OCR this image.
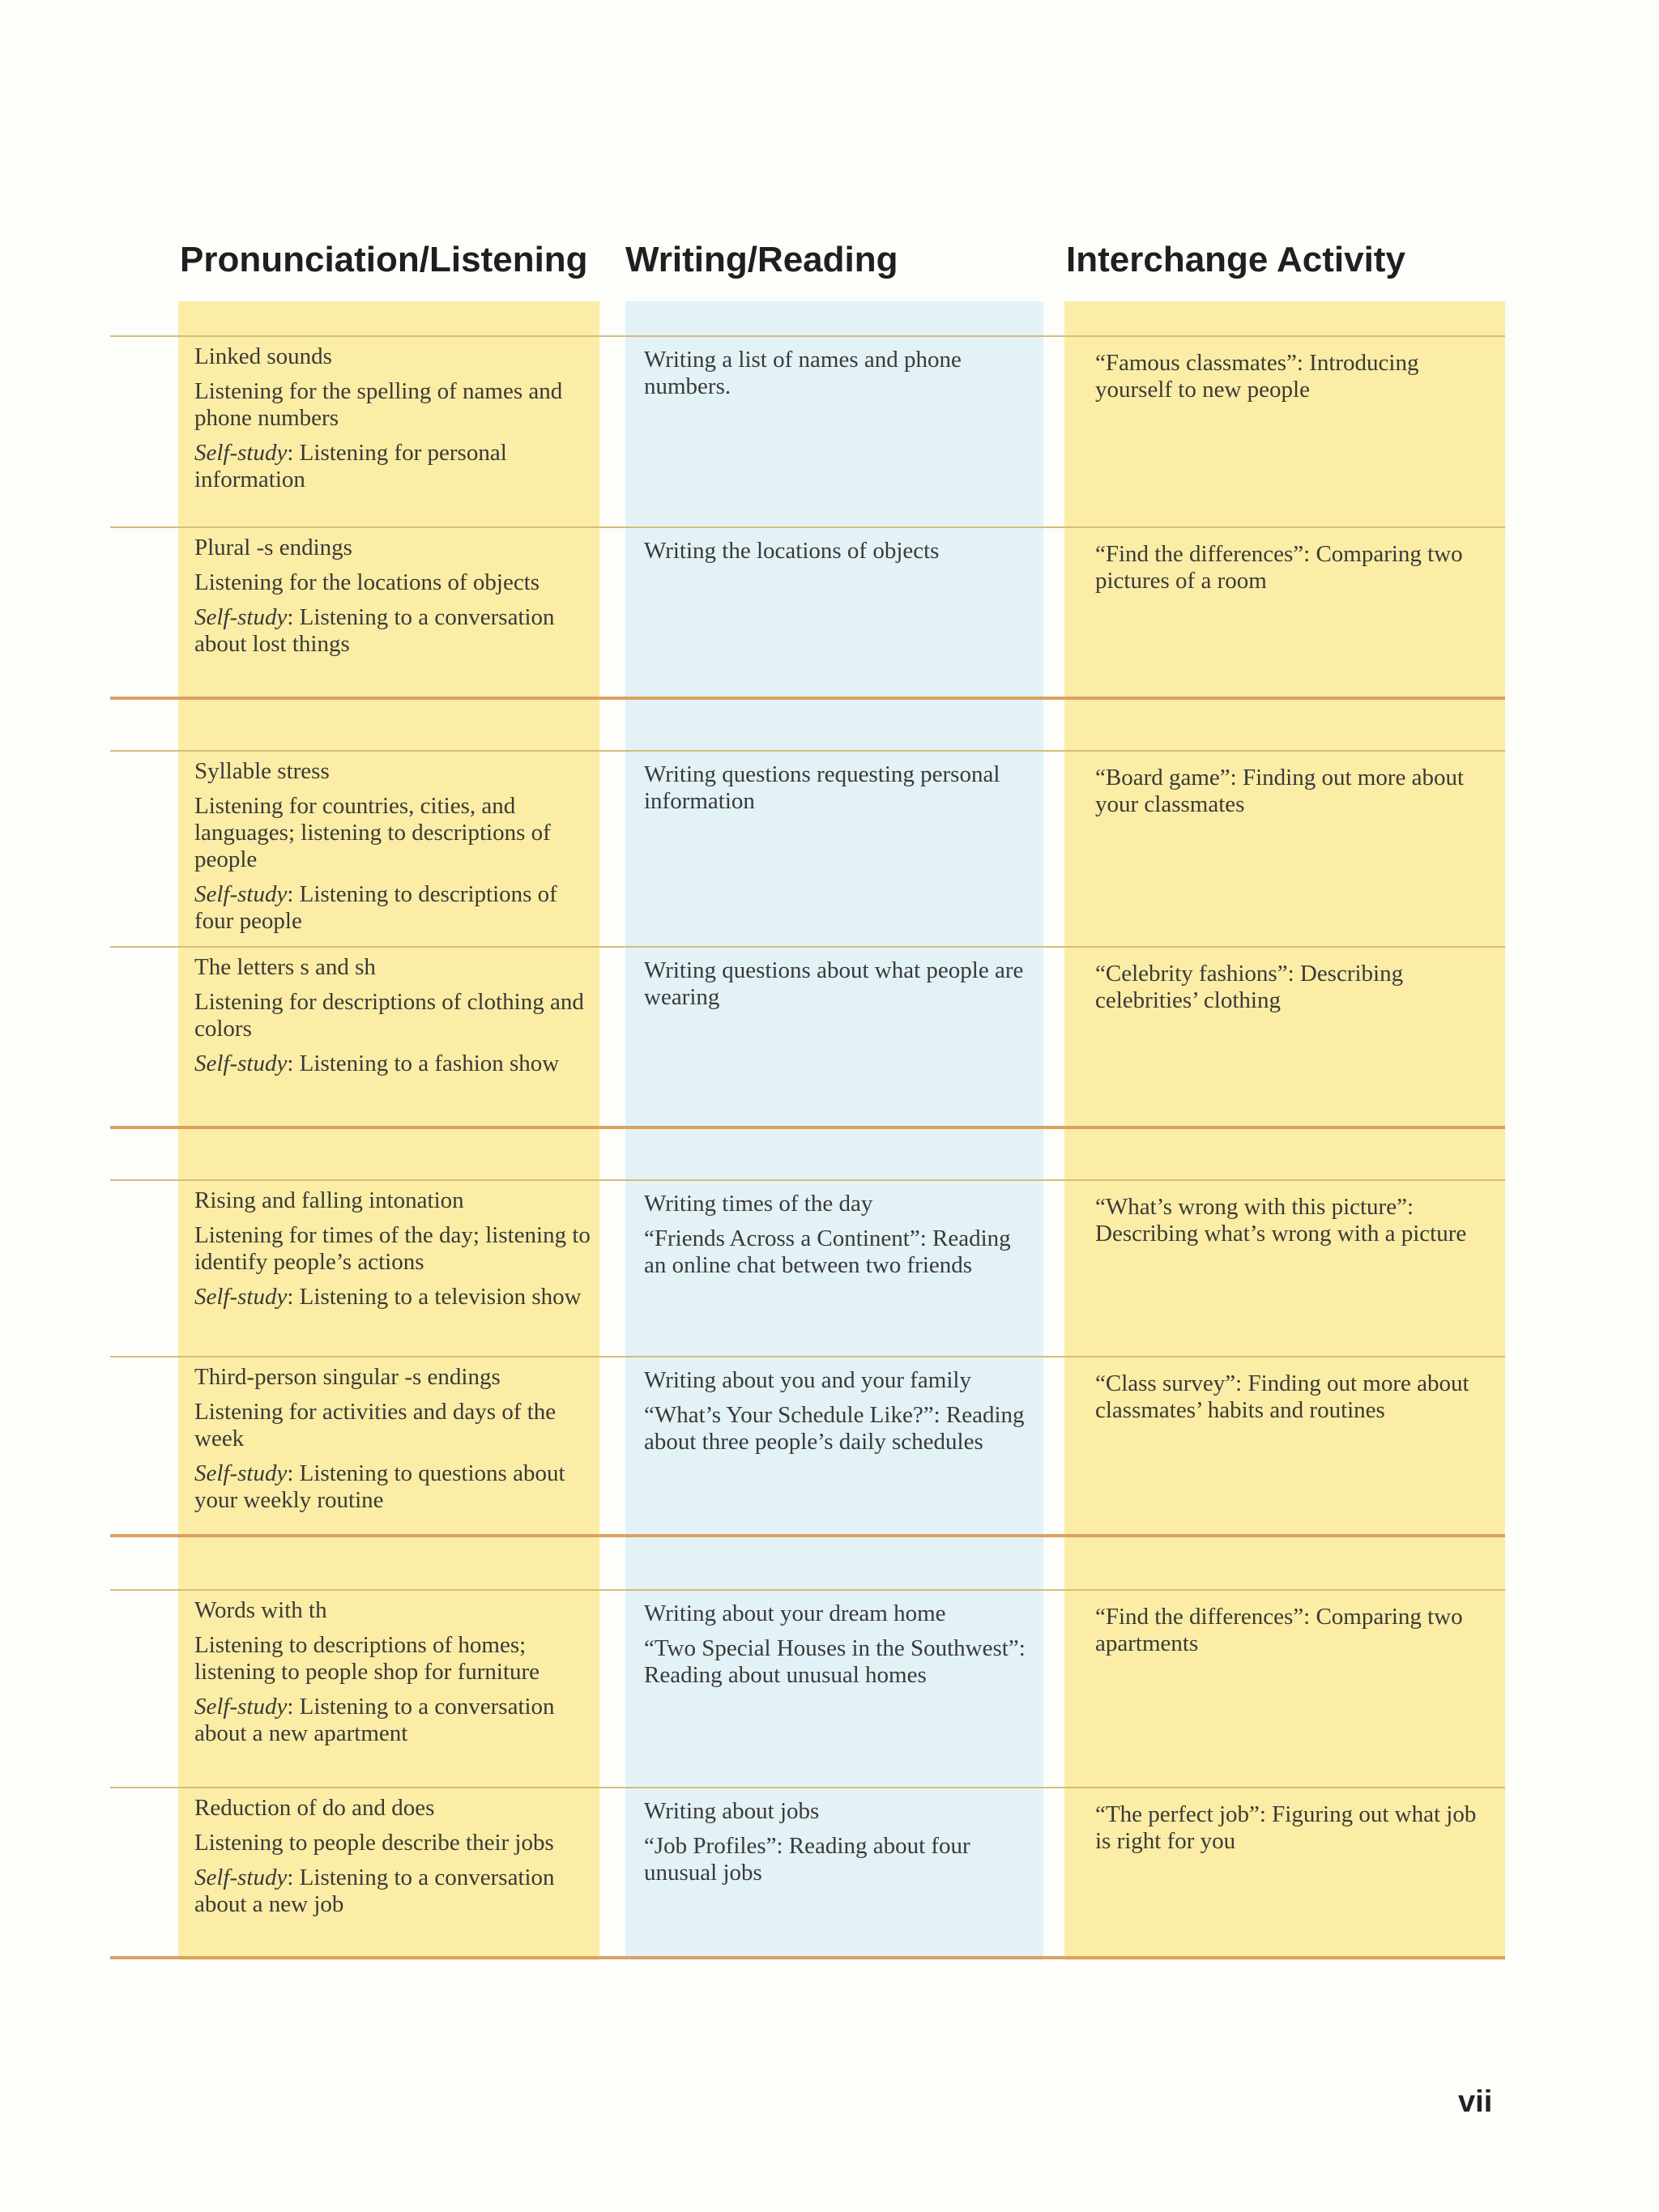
Pronunciation/Listening Writing/Reading	Interchange Activity

Linked sounds

Listening for the spelling of names and phone numbers

Self-study: Listening for personal information

Writing a list of names and phone numbers.

“Famous classmates”: Introducing yourself to new people

Plural -s endings

Listening for the locations of objects

Self-study: Listening to a conversation about lost things

Writing the locations of objects	“Find the differences”: Comparing two pictures of a room

Syllable stress

Listening for countries, cities, and languages; listening to descriptions of people

Self-study: Listening to descriptions of four people

Writing questions requesting personal information

“Board game”: Finding out more about your classmates

The letters s and sh

Listening for descriptions of clothing and colors

Self-study: Listening to a fashion show

Writing questions about what people are wearing

“Celebrity fashions”: Describing celebrities’ clothing

Rising and falling intonation

Listening for times of the day; listening to identify people’s actions

Self-study: Listening to a television show

Writing times of the day

“Friends Across a Continent”: Reading an online chat between two friends

“What’s wrong with this picture”: Describing what’s wrong with a picture

Third-person singular -s endings

Listening for activities and days of the week

Self-study: Listening to questions about your weekly routine

Writing about you and your family

“What’s Your Schedule Like?”: Reading about three people’s daily schedules

“Class survey”: Finding out more about classmates’ habits and routines

Words with th

Listening to descriptions of homes; listening to people shop for furniture

Self-study: Listening to a conversation about a new apartment

Writing about your dream home

“Two Special Houses in the Southwest”: Reading about unusual homes

“Find the differences”: Comparing two apartments

Reduction of do and does

Listening to people describe their jobs

Self-study: Listening to a conversation about a new job

Writing about jobs

“Job Profiles”: Reading about four unusual jobs

“The perfect job”: Figuring out what job is right for you

vii
